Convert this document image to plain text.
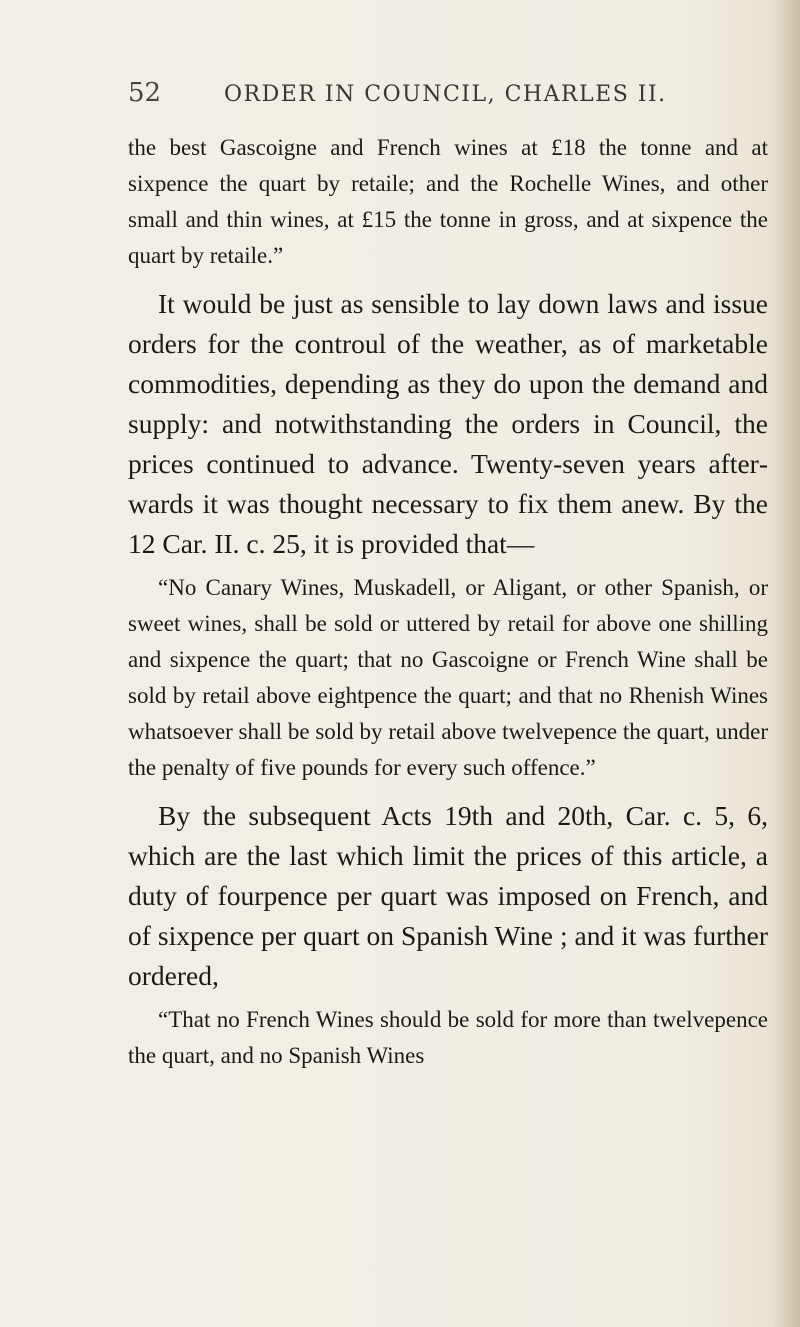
52	ORDER IN COUNCIL, CHARLES II.

the best Gascoigne and French wines at £18 the tonne and at sixpence the quart by retaile; and the Rochelle Wines, and other small and thin wines, at £15 the tonne in gross, and at sixpence the quart by retaile.”

It would be just as sensible to lay down laws and issue orders for the controul of the weather, as of marketable commodities, depending as they do upon the demand and supply: and notwithstanding the orders in Council, the prices continued to advance. Twenty-seven years afterwards it was thought necessary to fix them anew. By the 12 Car. II. c. 25, it is provided that—

“No Canary Wines, Muskadell, or Aligant, or other Spanish, or sweet wines, shall be sold or uttered by retail for above one shilling and sixpence the quart; that no Gascoigne or French Wine shall be sold by retail above eightpence the quart; and that no Rhenish Wines whatsoever shall be sold by retail above twelvepence the quart, under the penalty of five pounds for every such offence.”

By the subsequent Acts 19th and 20th, Car. c. 5, 6, which are the last which limit the prices of this article, a duty of fourpence per quart was imposed on French, and of sixpence per quart on Spanish Wine ; and it was further ordered,

“That no French Wines should be sold for more than twelvepence the quart, and no Spanish Wines
